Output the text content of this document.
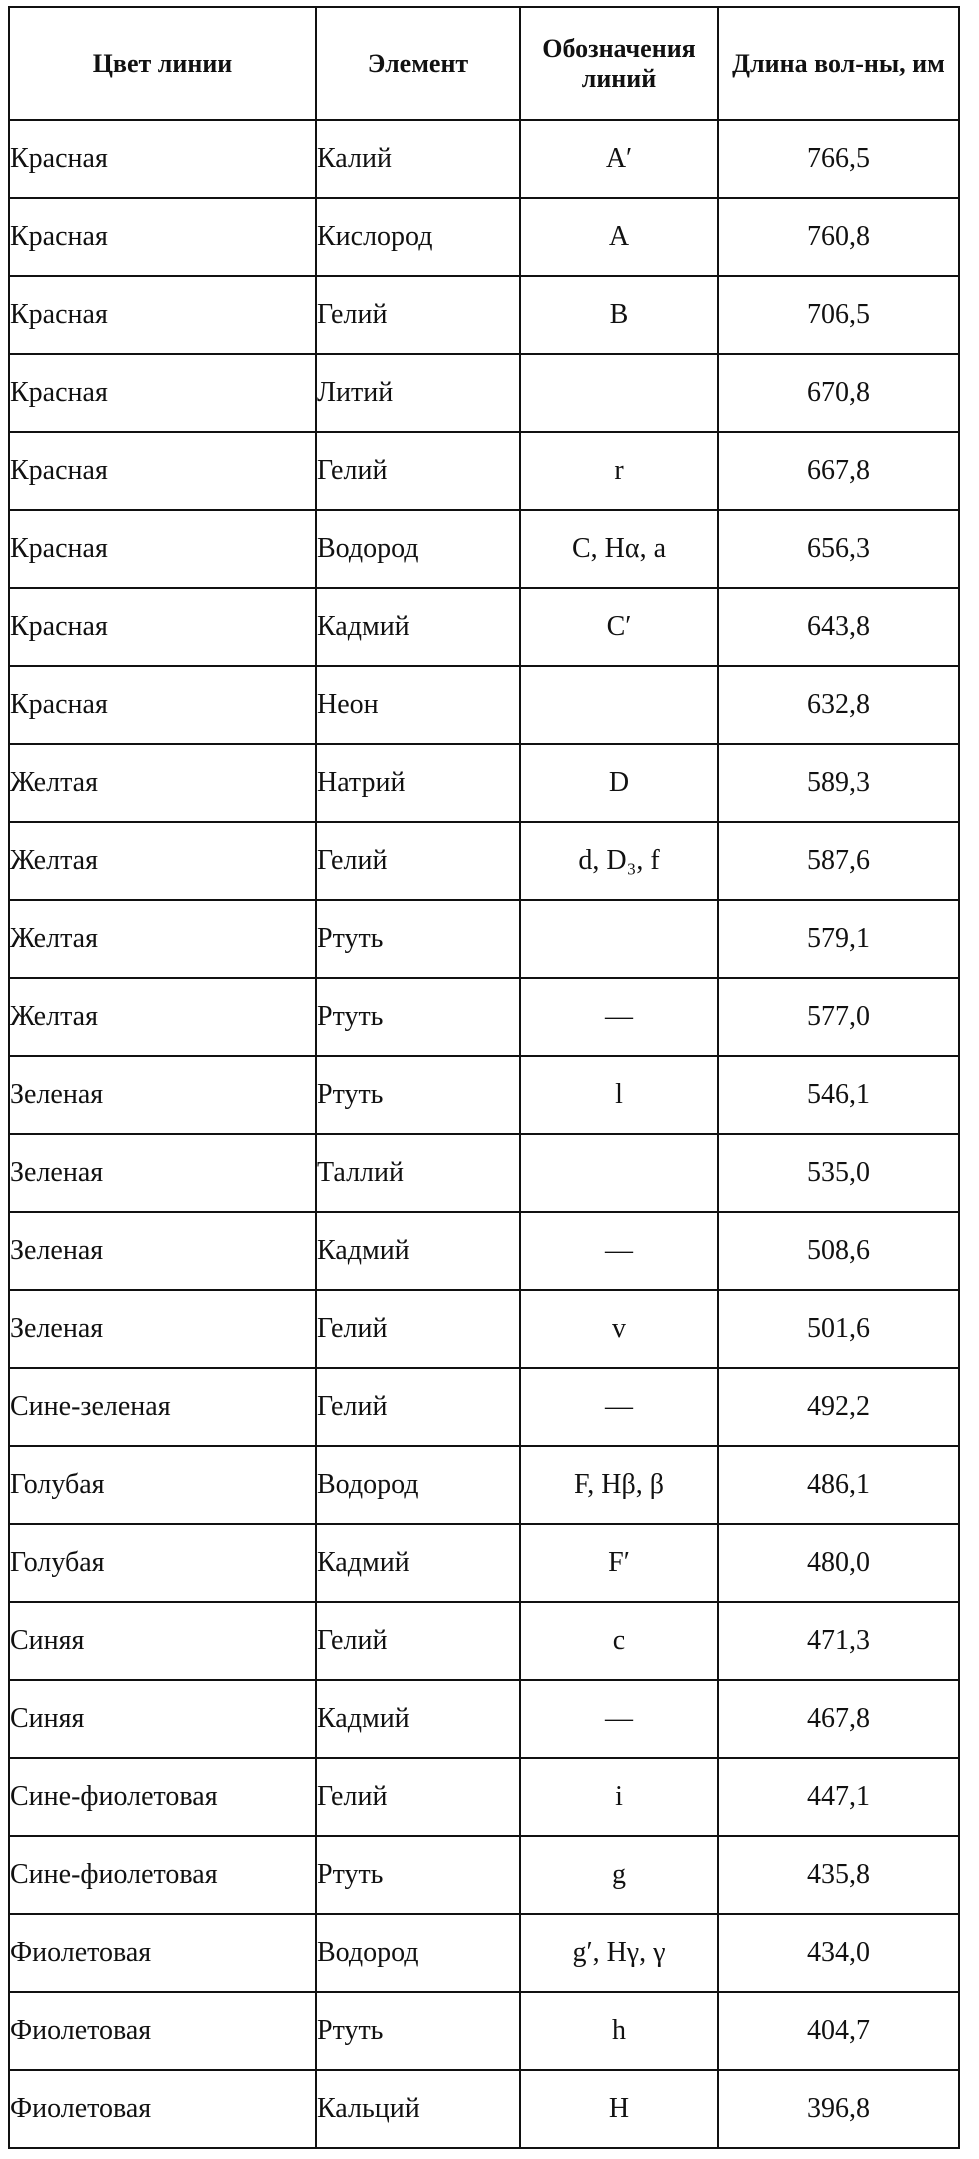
Цвет линии	Элемент	Обозначения линий	Длина вол-ны, им
Красная	Калий	A′	766,5
Красная	Кислород	A	760,8
Красная	Гелий	B	706,5
Красная	Литий		670,8
Красная	Гелий	r	667,8
Красная	Водород	C, Hα, a	656,3
Красная	Кадмий	C′	643,8
Красная	Неон		632,8
Желтая	Натрий	D	589,3
Желтая	Гелий	d, D₃, f	587,6
Желтая	Ртуть		579,1
Желтая	Ртуть	—	577,0
Зеленая	Ртуть	l	546,1
Зеленая	Таллий		535,0
Зеленая	Кадмий	—	508,6
Зеленая	Гелий	v	501,6
Сине-зеленая	Гелий	—	492,2
Голубая	Водород	F, Hβ, β	486,1
Голубая	Кадмий	F′	480,0
Синяя	Гелий	c	471,3
Синяя	Кадмий	—	467,8
Сине-фиолетовая	Гелий	i	447,1
Сине-фиолетовая	Ртуть	g	435,8
Фиолетовая	Водород	g′, Hγ, γ	434,0
Фиолетовая	Ртуть	h	404,7
Фиолетовая	Кальций	H	396,8
